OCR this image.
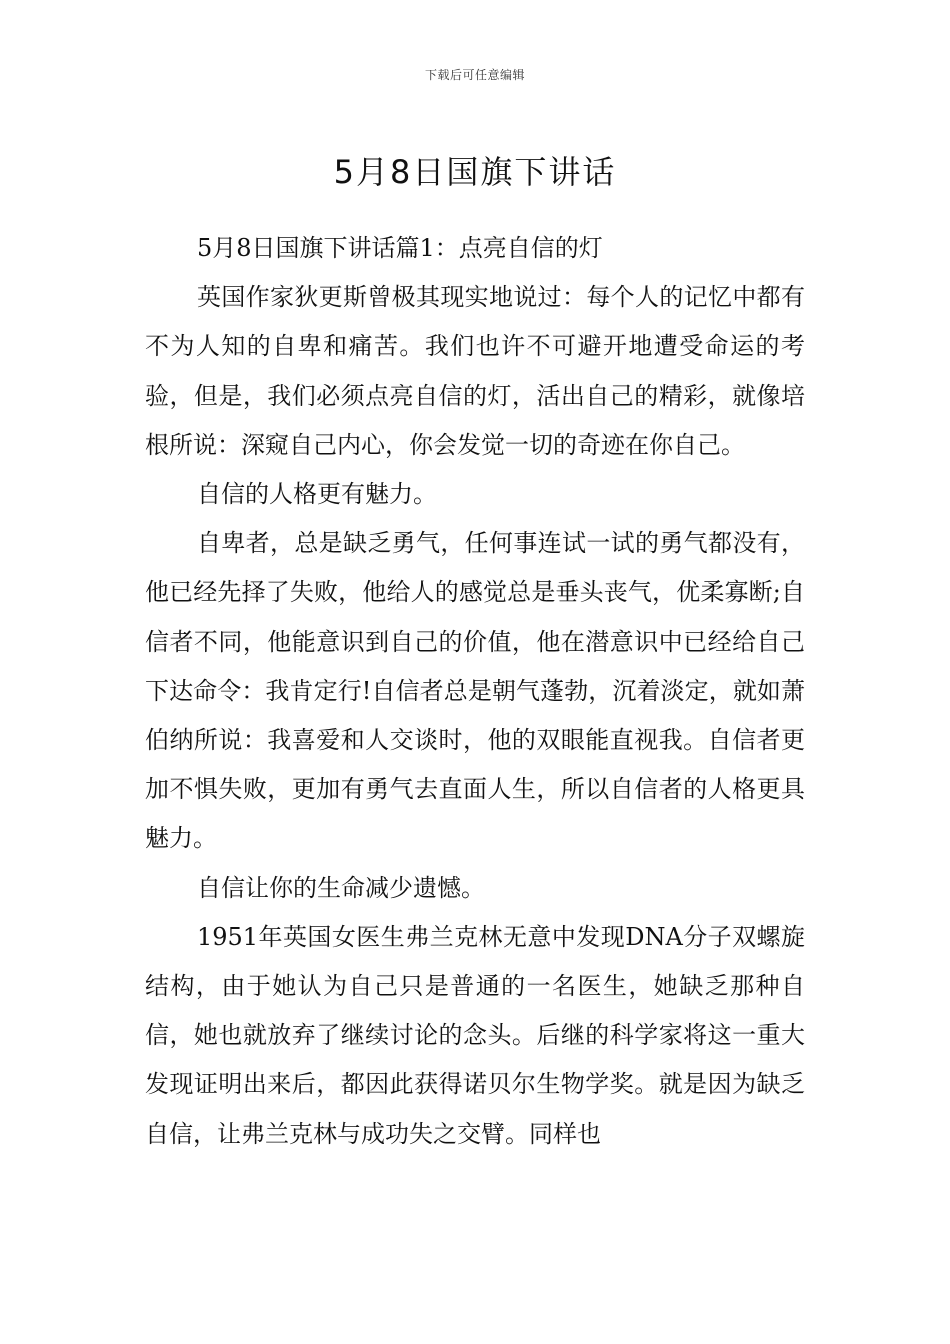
下载后可任意编辑
5月8日国旗下讲话

5月8日国旗下讲话篇1：点亮自信的灯

英国作家狄更斯曾极其现实地说过：每个人的记忆中都有不为人知的自卑和痛苦。我们也许不可避开地遭受命运的考验，但是，我们必须点亮自信的灯，活出自己的精彩，就像培根所说：深窥自己内心，你会发觉一切的奇迹在你自己。

自信的人格更有魅力。

自卑者，总是缺乏勇气，任何事连试一试的勇气都没有，他已经先择了失败，他给人的感觉总是垂头丧气，优柔寡断;自信者不同，他能意识到自己的价值，他在潜意识中已经给自己下达命令：我肯定行!自信者总是朝气蓬勃，沉着淡定，就如萧伯纳所说：我喜爱和人交谈时，他的双眼能直视我。自信者更加不惧失败，更加有勇气去直面人生，所以自信者的人格更具魅力。

自信让你的生命减少遗憾。

1951年英国女医生弗兰克林无意中发现DNA分子双螺旋结构，由于她认为自己只是普通的一名医生，她缺乏那种自信，她也就放弃了继续讨论的念头。后继的科学家将这一重大发现证明出来后，都因此获得诺贝尔生物学奖。就是因为缺乏自信，让弗兰克林与成功失之交臂。同样也
